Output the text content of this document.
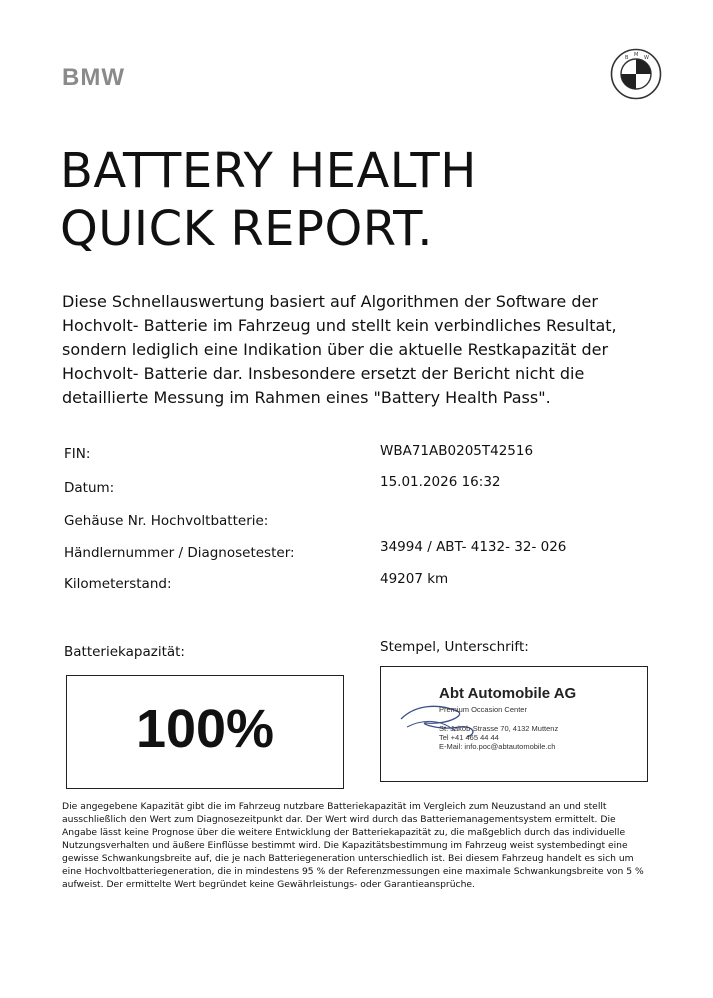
BMW
B M W
BATTERY HEALTH
QUICK REPORT.
Diese Schnellauswertung basiert auf Algorithmen der Software der Hochvolt- Batterie im Fahrzeug und stellt kein verbindliches Resultat, sondern lediglich eine Indikation über die aktuelle Restkapazität der Hochvolt- Batterie dar. Insbesondere ersetzt der Bericht nicht die detaillierte Messung im Rahmen eines "Battery Health Pass".
FIN:	WBA71AB0205T42516
Datum:	15.01.2026 16:32
Gehäuse Nr. Hochvoltbatterie:
Händlernummer / Diagnosetester:	34994 / ABT- 4132- 32- 026
Kilometerstand:	49207 km
Batteriekapazität:	Stempel, Unterschrift:
100%
Abt Automobile AG
Premium Occasion Center
St. Jakob-Strasse 70, 4132 Muttenz
Tel +41 465 44 44
E-Mail: info.poc@abtautomobile.ch
Die angegebene Kapazität gibt die im Fahrzeug nutzbare Batteriekapazität im Vergleich zum Neuzustand an und stellt ausschließlich den Wert zum Diagnosezeitpunkt dar. Der Wert wird durch das Batteriemanagementsystem ermittelt. Die Angabe lässt keine Prognose über die weitere Entwicklung der Batteriekapazität zu, die maßgeblich durch das individuelle Nutzungsverhalten und äußere Einflüsse bestimmt wird. Die Kapazitätsbestimmung im Fahrzeug weist systembedingt eine gewisse Schwankungsbreite auf, die je nach Batteriegeneration unterschiedlich ist. Bei diesem Fahrzeug handelt es sich um eine Hochvoltbatteriegeneration, die in mindestens 95 % der Referenzmessungen eine maximale Schwankungsbreite von 5 % aufweist. Der ermittelte Wert begründet keine Gewährleistungs- oder Garantieansprüche.
